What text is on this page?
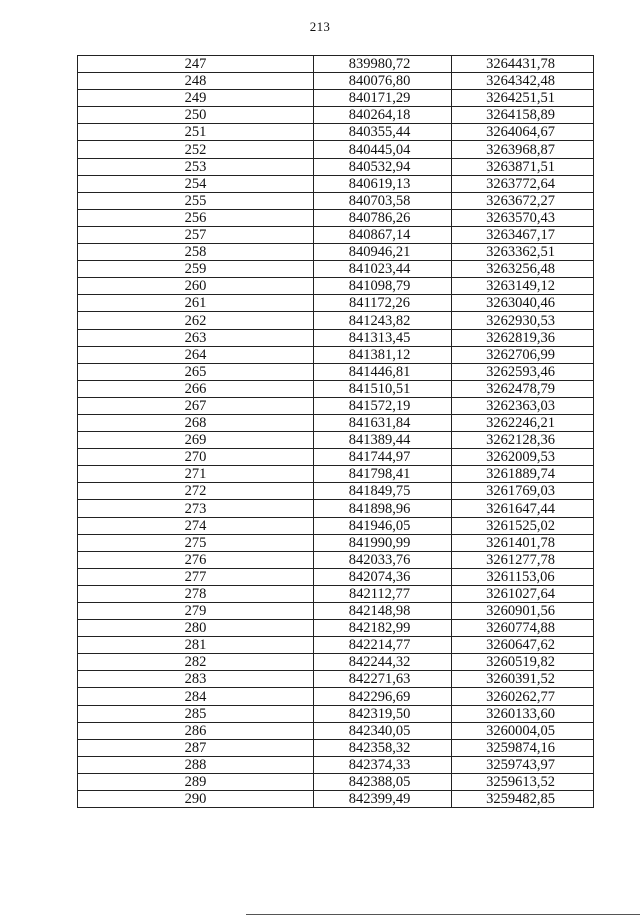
213
247	839980,72	3264431,78
248	840076,80	3264342,48
249	840171,29	3264251,51
250	840264,18	3264158,89
251	840355,44	3264064,67
252	840445,04	3263968,87
253	840532,94	3263871,51
254	840619,13	3263772,64
255	840703,58	3263672,27
256	840786,26	3263570,43
257	840867,14	3263467,17
258	840946,21	3263362,51
259	841023,44	3263256,48
260	841098,79	3263149,12
261	841172,26	3263040,46
262	841243,82	3262930,53
263	841313,45	3262819,36
264	841381,12	3262706,99
265	841446,81	3262593,46
266	841510,51	3262478,79
267	841572,19	3262363,03
268	841631,84	3262246,21
269	841389,44	3262128,36
270	841744,97	3262009,53
271	841798,41	3261889,74
272	841849,75	3261769,03
273	841898,96	3261647,44
274	841946,05	3261525,02
275	841990,99	3261401,78
276	842033,76	3261277,78
277	842074,36	3261153,06
278	842112,77	3261027,64
279	842148,98	3260901,56
280	842182,99	3260774,88
281	842214,77	3260647,62
282	842244,32	3260519,82
283	842271,63	3260391,52
284	842296,69	3260262,77
285	842319,50	3260133,60
286	842340,05	3260004,05
287	842358,32	3259874,16
288	842374,33	3259743,97
289	842388,05	3259613,52
290	842399,49	3259482,85
